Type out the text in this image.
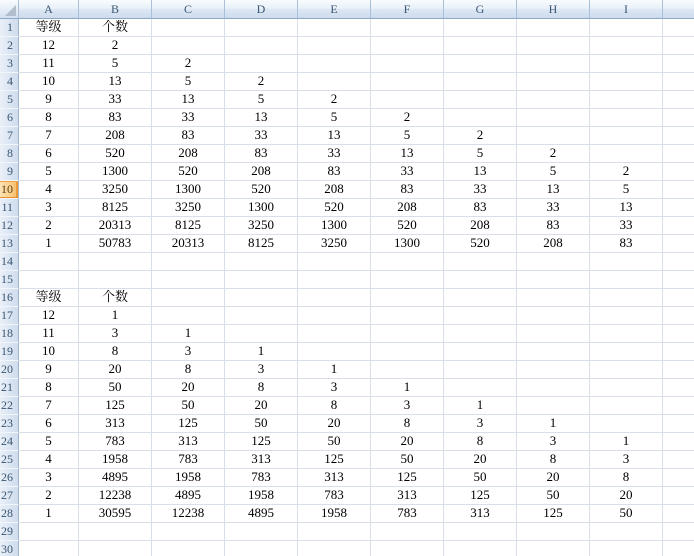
A	B	C	D	E	F	G	H	I
1	等级	个数
2	12	2
3	11	5	2
4	10	13	5	2
5	9	33	13	5	2
6	8	83	33	13	5	2
7	7	208	83	33	13	5	2
8	6	520	208	83	33	13	5	2
9	5	1300	520	208	83	33	13	5	2
10	4	3250	1300	520	208	83	33	13	5
11	3	8125	3250	1300	520	208	83	33	13
12	2	20313	8125	3250	1300	520	208	83	33
13	1	50783	20313	8125	3250	1300	520	208	83
14
15
16	等级	个数
17	12	1
18	11	3	1
19	10	8	3	1
20	9	20	8	3	1
21	8	50	20	8	3	1
22	7	125	50	20	8	3	1
23	6	313	125	50	20	8	3	1
24	5	783	313	125	50	20	8	3	1
25	4	1958	783	313	125	50	20	8	3
26	3	4895	1958	783	313	125	50	20	8
27	2	12238	4895	1958	783	313	125	50	20
28	1	30595	12238	4895	1958	783	313	125	50
29
30
